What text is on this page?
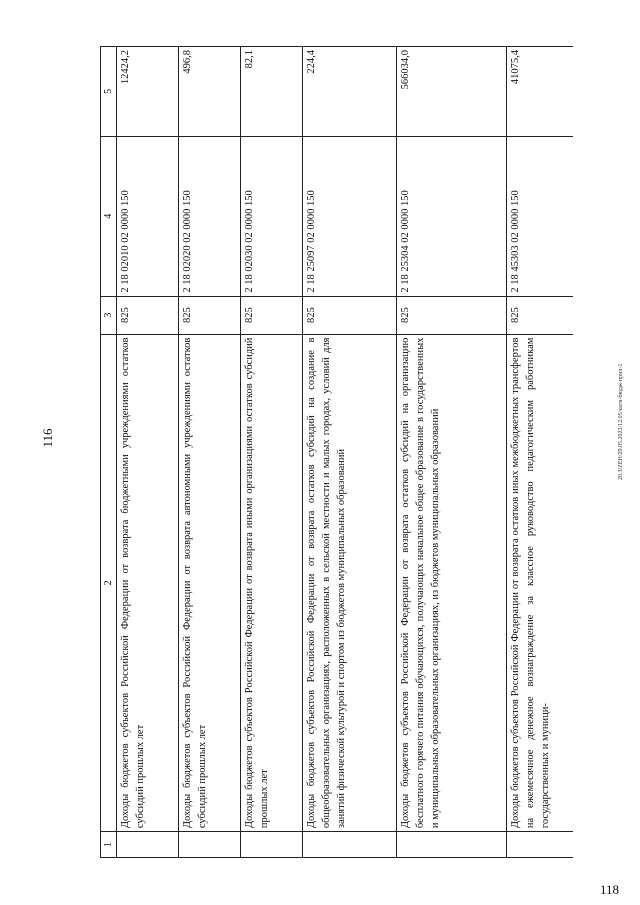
116
118
20.3/ZEH/29.05.2023/12.05/кати-бюдж-прил-1
1	2	3	4	5
	Доходы бюджетов субъектов Российской Федерации от возврата бюджетными учреждениями остатков субсидий прошлых лет	825	2 18 02010 02 0000 150	12424,2
	Доходы бюджетов субъектов Российской Федерации от возврата автономными учреждениями остатков субсидий прошлых лет	825	2 18 02020 02 0000 150	496,8
	Доходы бюджетов субъектов Российской Федерации от возврата иными организациями остатков субсидий прошлых лет	825	2 18 02030 02 0000 150	82,1
	Доходы бюджетов субъектов Российской Федерации от возврата остатков субсидий на создание в общеобразовательных организациях, расположенных в сельской местности и малых городах, условий для занятий физической культурой и спортом из бюджетов муниципальных образований	825	2 18 25097 02 0000 150	224,4
	Доходы бюджетов субъектов Российской Федерации от возврата остатков субсидий на организацию бесплатного горячего питания обучающихся, получающих начальное общее образование в государственных и муниципальных образовательных организациях, из бюджетов муниципальных образований	825	2 18 25304 02 0000 150	566034,0
	Доходы бюджетов субъектов Российской Федерации от возврата остатков иных межбюджетных трансфертов на ежемесячное денежное вознаграждение за классное руководство педагогическим работникам государственных и муници-	825	2 18 45303 02 0000 150	41075,4
